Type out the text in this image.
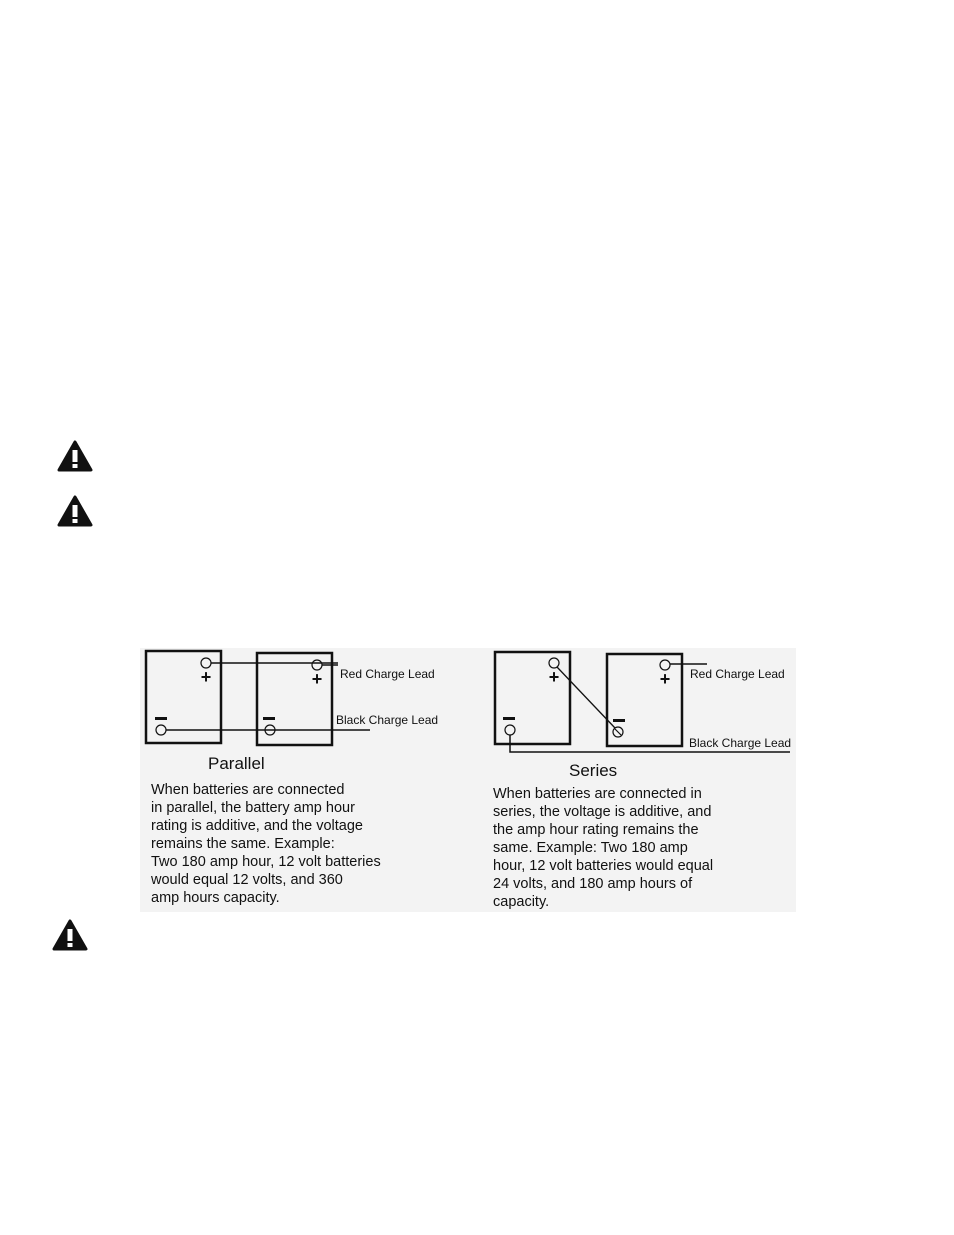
+	+ Red Charge Lead
Black Charge Lead
Parallel
+	+ Red Charge Lead
Black Charge Lead
Series
When batteries are connected
in parallel, the battery amp hour
rating is additive, and the voltage
remains the same. Example:
Two 180 amp hour, 12 volt batteries
would equal 12 volts, and 360
amp hours capacity.
When batteries are connected in
series, the voltage is additive, and
the amp hour rating remains the
same. Example: Two 180 amp
hour, 12 volt batteries would equal
24 volts, and 180 amp hours of
capacity.
